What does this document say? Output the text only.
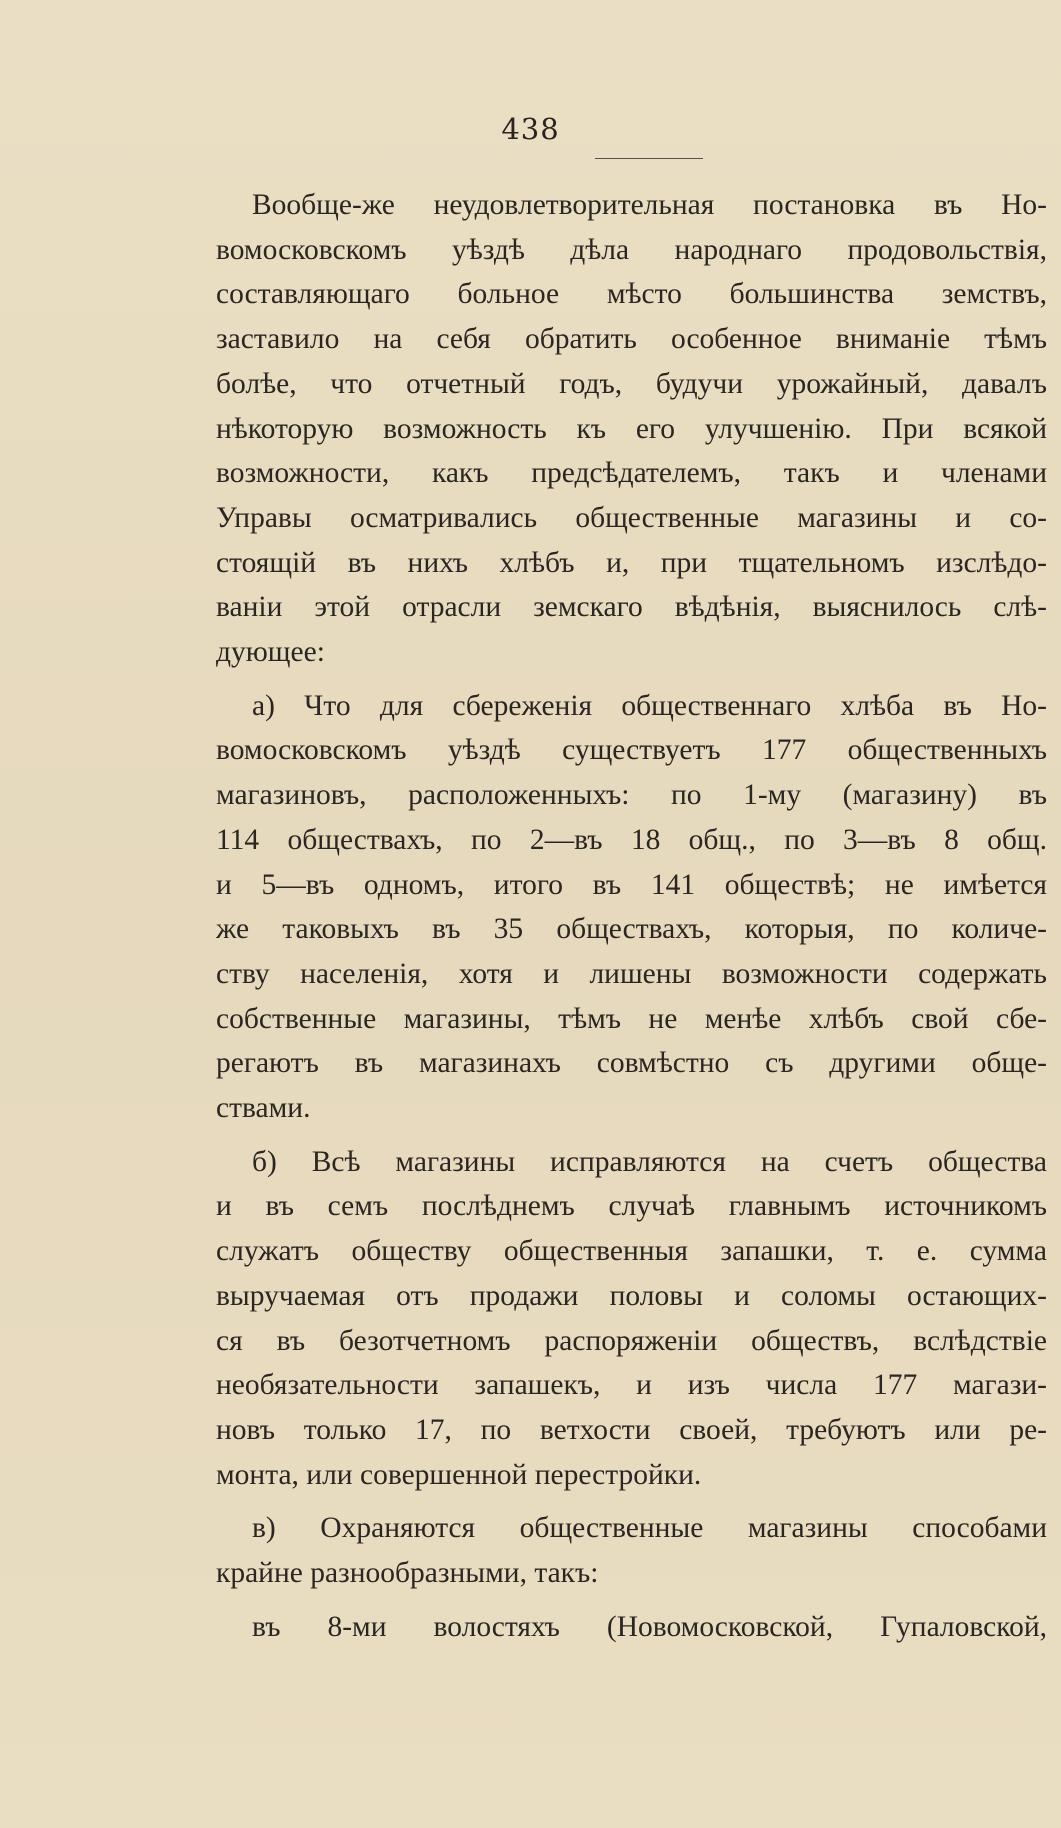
438

Вообще-же неудовлетворительная постановка въ Но-

вомосковскомъ уѣздѣ дѣла народнаго продовольствія,

составляющаго больное мѣсто большинства земствъ,

заставило на себя обратить особенное вниманіе тѣмъ

болѣе, что отчетный годъ, будучи урожайный, давалъ

нѣкоторую возможность къ его улучшенію. При всякой

возможности, какъ предсѣдателемъ, такъ и членами

Управы осматривались общественные магазины и со-

стоящій въ нихъ хлѣбъ и, при тщательномъ изслѣдо-

ваніи этой отрасли земскаго вѣдѣнія, выяснилось слѣ-

дующее:

а) Что для сбереженія общественнаго хлѣба въ Но-

вомосковскомъ уѣздѣ существуетъ 177 общественныхъ

магазиновъ, расположенныхъ: по 1-му (магазину) въ

114 обществахъ, по 2—въ 18 общ., по 3—въ 8 общ.

и 5—въ одномъ, итого въ 141 обществѣ; не имѣется

же таковыхъ въ 35 обществахъ, которыя, по количе-

ству населенія, хотя и лишены возможности содержать

собственные магазины, тѣмъ не менѣе хлѣбъ свой сбе-

регаютъ въ магазинахъ совмѣстно съ другими обще-

ствами.

б) Всѣ магазины исправляются на счетъ общества

и въ семъ послѣднемъ случаѣ главнымъ источникомъ

служатъ обществу общественныя запашки, т. е. сумма

выручаемая отъ продажи половы и соломы остающих-

ся въ безотчетномъ распоряженіи обществъ, вслѣдствіе

необязательности запашекъ, и изъ числа 177 магази-

новъ только 17, по ветхости своей, требуютъ или ре-

монта, или совершенной перестройки.

в) Охраняются общественные магазины способами

крайне разнообразными, такъ:

въ 8-ми волостяхъ (Новомосковской, Гупаловской,
